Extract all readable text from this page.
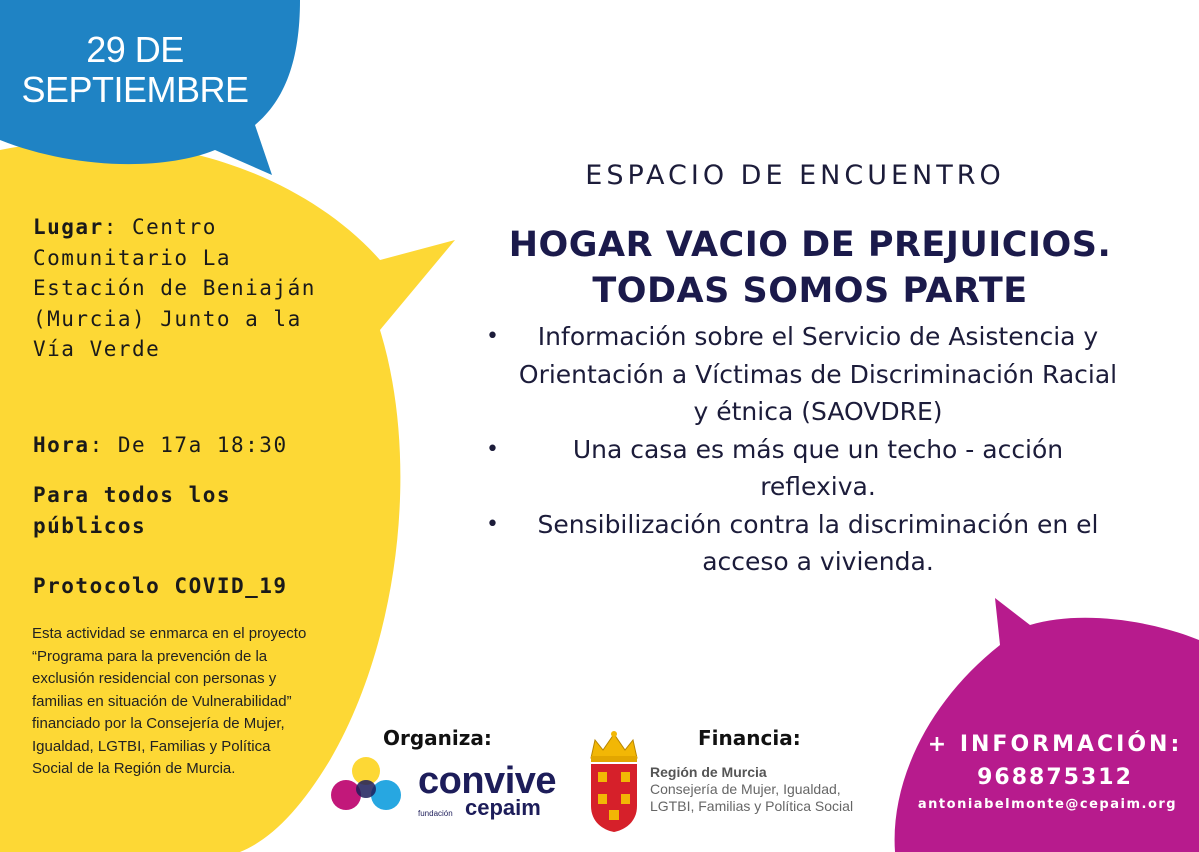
29 DE
SEPTIEMBRE
Lugar: Centro Comunitario La Estación de Beniaján (Murcia) Junto a la Vía Verde
Hora: De 17a 18:30
Para todos los públicos
Protocolo COVID_19
Esta actividad se enmarca en el proyecto “Programa para la prevención de la exclusión residencial con personas y familias en situación de Vulnerabilidad” financiado por la Consejería de Mujer, Igualdad, LGTBI, Familias y Política Social de la Región de Murcia.
ESPACIO DE ENCUENTRO
HOGAR VACIO DE PREJUICIOS.
TODAS SOMOS PARTE
• Información sobre el Servicio de Asistencia y Orientación a Víctimas de Discriminación Racial y étnica (SAOVDRE)
•	Una casa es más que un techo - acción reflexiva.
• Sensibilización contra la discriminación en el acceso a vivienda.
Organiza:
convive
fundación cepaim
Financia:
Región de Murcia
Consejería de Mujer, Igualdad, LGTBI, Familias y Política Social
+ INFORMACIÓN:
968875312
antoniabelmonte@cepaim.org
